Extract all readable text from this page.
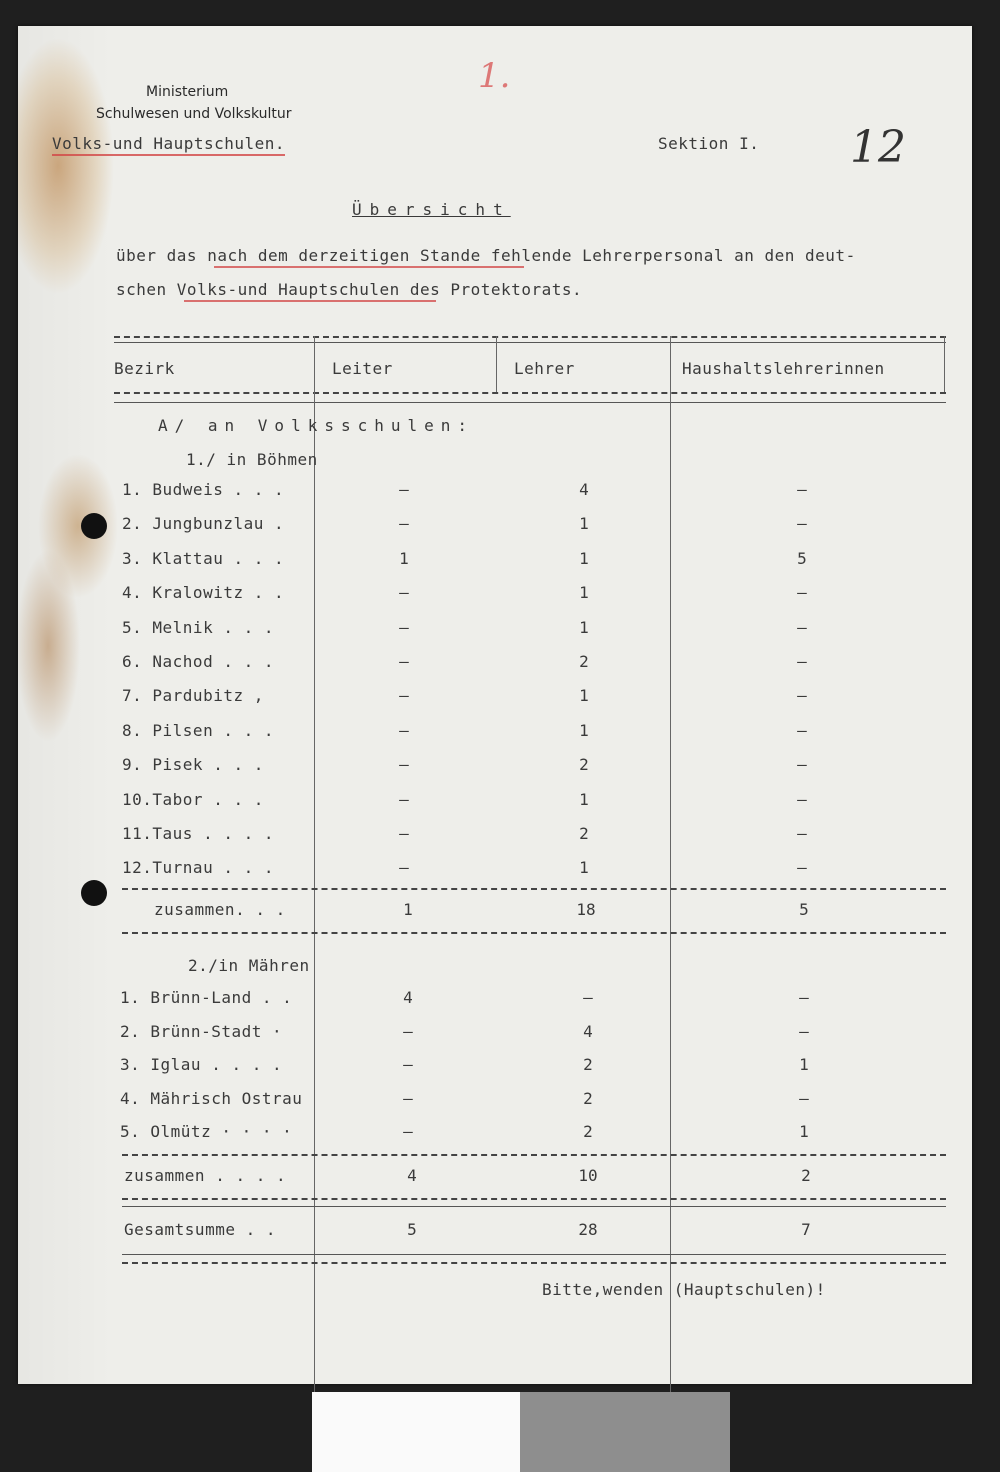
Ministerium
Schulwesen und Volkskultur
Volks-und Hauptschulen.	Sektion I.
1.
12
Übersicht
über das nach dem derzeitigen Stande fehlende Lehrerpersonal an den deut-
schen Volks-und Hauptschulen des Protektorats.
Bezirk	Leiter	Lehrer	Haushaltslehrerinnen
A/ an Volksschulen:
1./ in Böhmen
1. Budweis . . .	–	4	–
2. Jungbunzlau .	–	1	–
3. Klattau . . .	1	1	5
4. Kralowitz . .	–	1	–
5. Melnik . . .	–	1	–
6. Nachod . . .	–	2	–
7. Pardubitz ,	–	1	–
8. Pilsen . . .	–	1	–
9. Pisek . . .	–	2	–
10.Tabor . . .	–	1	–
11.Taus . . . .	–	2	–
12.Turnau . . .	–	1	–
zusammen. . .	1	18	5
2./in Mähren
1. Brünn-Land . .	4	–	–
2. Brünn-Stadt ·	–	4	–
3. Iglau . . . .	–	2	1
4. Mährisch Ostrau	–	2	–
5. Olmütz · · · ·	–	2	1
zusammen . . . .	4	10	2
Gesamtsumme . .	5	28	7
Bitte,wenden (Hauptschulen)!
